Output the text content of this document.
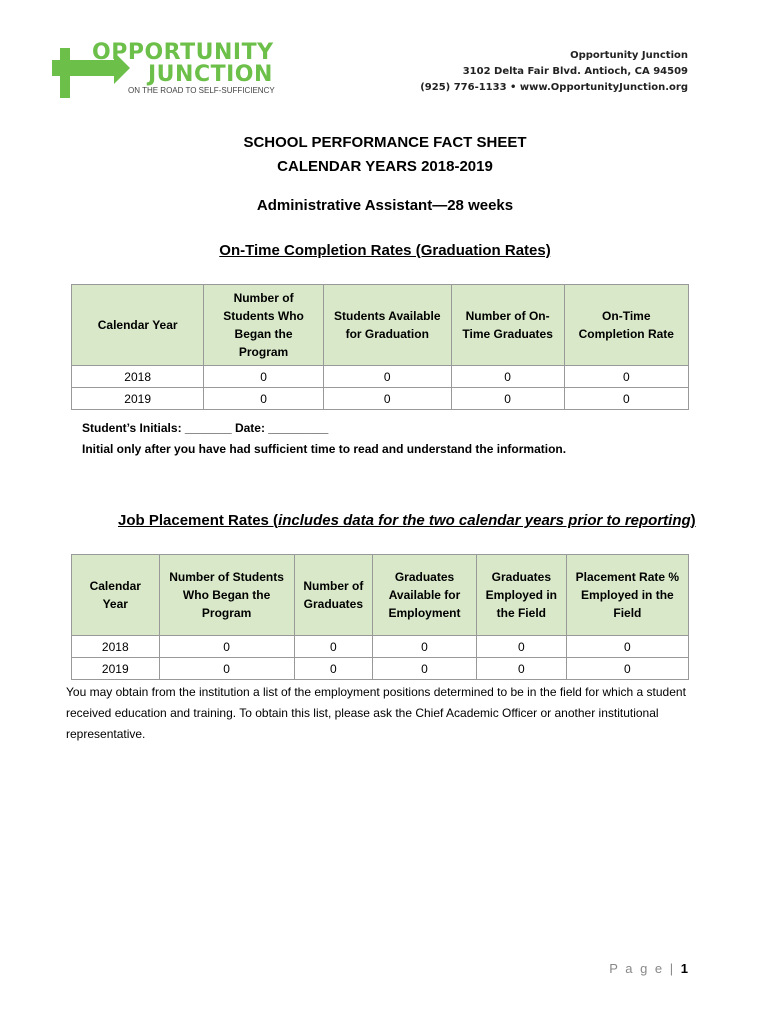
OPPORTUNITY
JUNCTION
ON THE ROAD TO SELF-SUFFICIENCY
Opportunity Junction
3102 Delta Fair Blvd. Antioch, CA 94509
(925) 776-1133 • www.OpportunityJunction.org
SCHOOL PERFORMANCE FACT SHEET
CALENDAR YEARS 2018-2019
Administrative Assistant—28 weeks
On-Time Completion Rates (Graduation Rates)
Calendar Year	Number of Students Who Began the Program	Students Available for Graduation	Number of On-Time Graduates	On-Time Completion Rate
2018	0	0	0	0
2019	0	0	0	0
Student’s Initials: _______ Date: _________
Initial only after you have had sufficient time to read and understand the information.
Job Placement Rates (includes data for the two calendar years prior to reporting)
Calendar Year	Number of Students Who Began the Program	Number of Graduates	Graduates Available for Employment	Graduates Employed in the Field	Placement Rate % Employed in the Field
2018	0	0	0	0	0
2019	0	0	0	0	0
You may obtain from the institution a list of the employment positions determined to be in the field for which a student received education and training. To obtain this list, please ask the Chief Academic Officer or another institutional representative.
P a g e | 1
